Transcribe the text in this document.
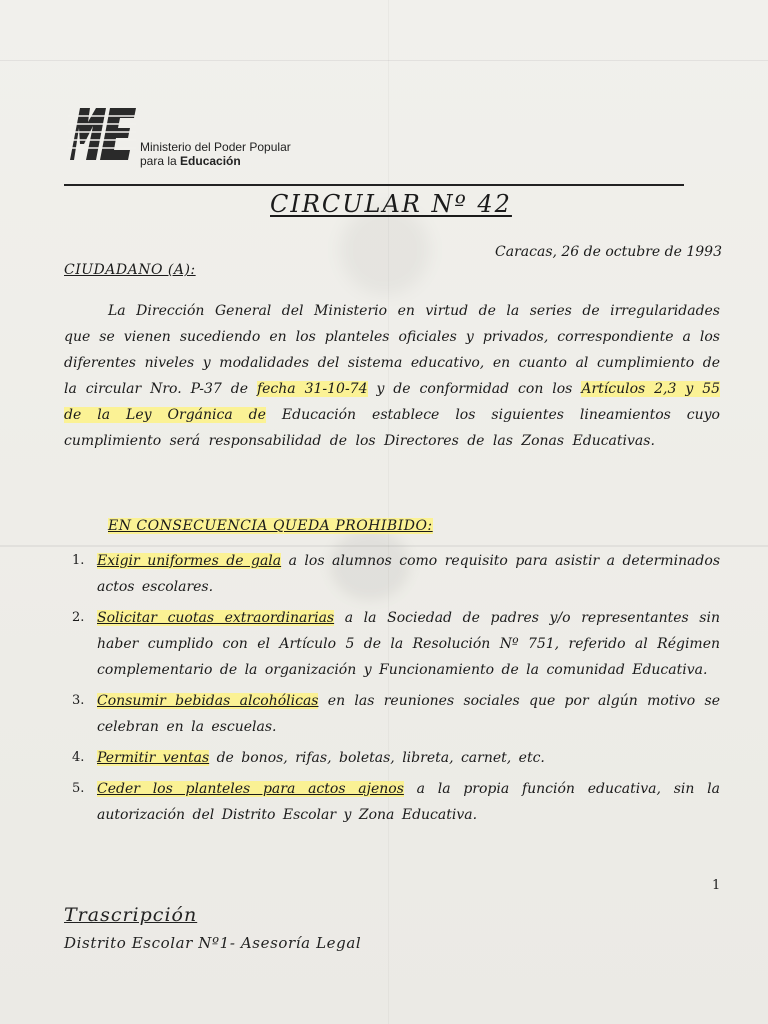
Ministerio del Poder Popular
para la Educación
CIRCULAR Nº 42
Caracas, 26 de octubre de 1993
CIUDADANO (A):
La Dirección General del Ministerio en virtud de la series de irregularidades que se vienen sucediendo en los planteles oficiales y privados, correspondiente a los diferentes niveles y modalidades del sistema educativo, en cuanto al cumplimiento de la circular Nro. P-37 de fecha 31-10-74 y de conformidad con los Artículos 2,3 y 55 de la Ley Orgánica de Educación establece los siguientes lineamientos cuyo cumplimiento será responsabilidad de los Directores de las Zonas Educativas.
EN CONSECUENCIA QUEDA PROHIBIDO:
1. Exigir uniformes de gala a los alumnos como requisito para asistir a determinados actos escolares.
2. Solicitar cuotas extraordinarias a la Sociedad de padres y/o representantes sin haber cumplido con el Artículo 5 de la Resolución Nº 751, referido al Régimen complementario de la organización y Funcionamiento de la comunidad Educativa.
3. Consumir bebidas alcohólicas en las reuniones sociales que por algún motivo se celebran en la escuelas.
4. Permitir ventas de bonos, rifas, boletas, libreta, carnet, etc.
5. Ceder los planteles para actos ajenos a la propia función educativa, sin la autorización del Distrito Escolar y Zona Educativa.
1
Trascripción
Distrito Escolar Nº1- Asesoría Legal
